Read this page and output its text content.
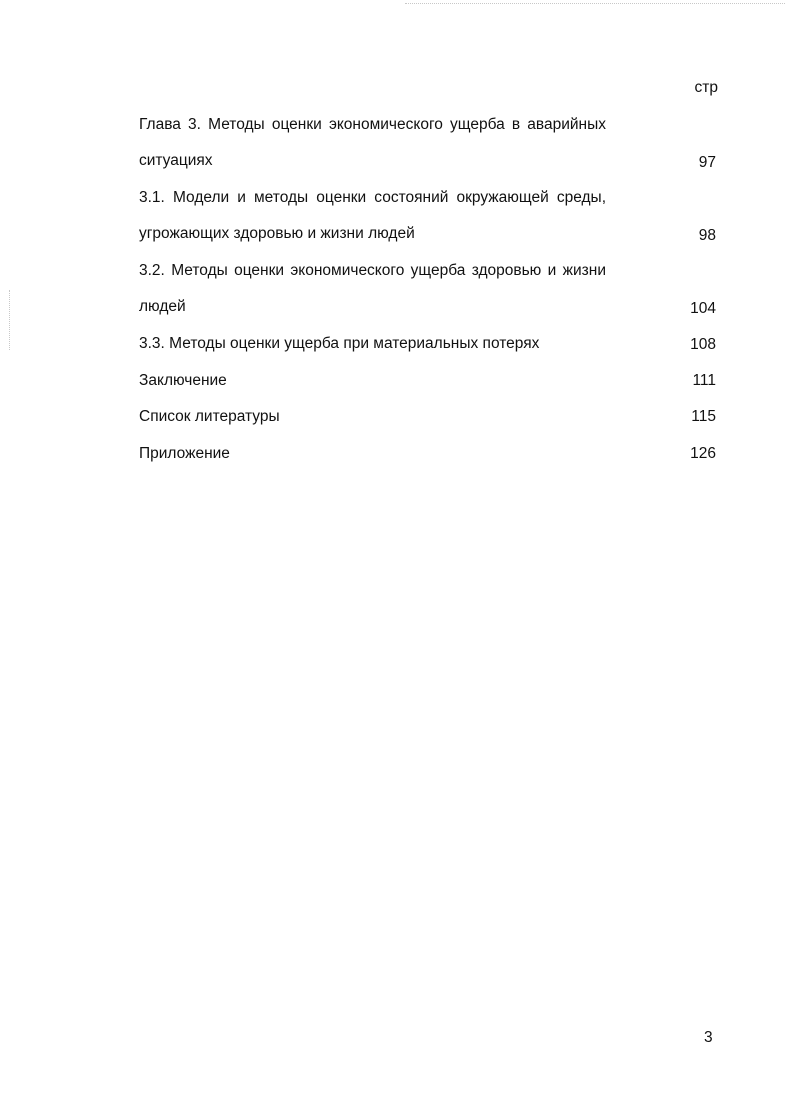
стр
Глава 3. Методы оценки экономического ущерба в аварийных
ситуациях	97
3.1. Модели и методы оценки состояний окружающей среды,
угрожающих здоровью и жизни людей	98
3.2. Методы оценки экономического ущерба здоровью и жизни
людей	104
3.3. Методы оценки ущерба при материальных потерях	108
Заключение	111
Список литературы	115
Приложение	126
3
